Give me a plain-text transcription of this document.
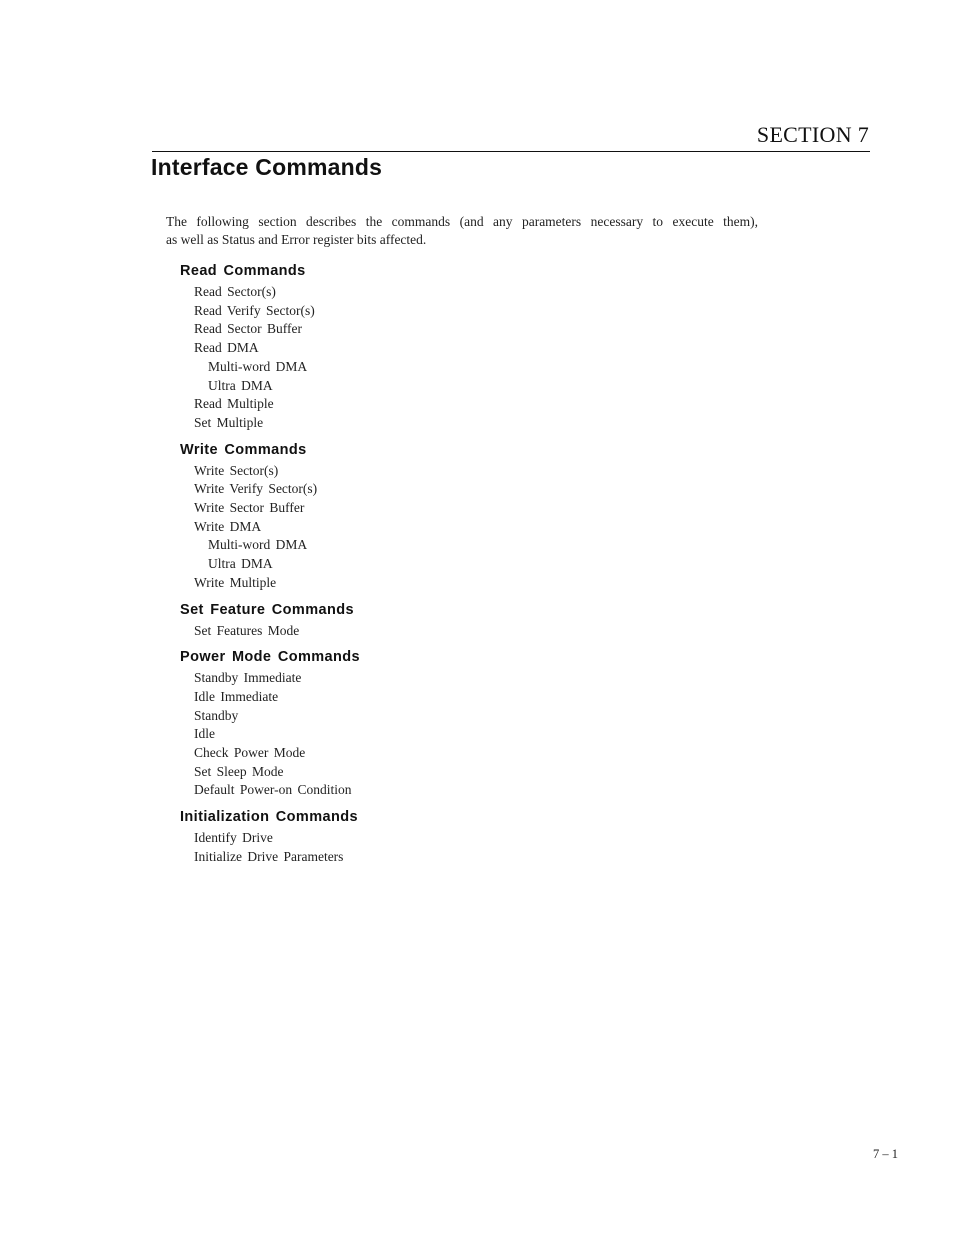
SECTION 7
Interface Commands

The following section describes the commands (and any parameters necessary to execute them),
as well as Status and Error register bits affected.

Read Commands
Read Sector(s)
Read Verify Sector(s)
Read Sector Buffer
Read DMA
Multi-word DMA
Ultra DMA
Read Multiple
Set Multiple
Write Commands
Write Sector(s)
Write Verify Sector(s)
Write Sector Buffer
Write DMA
Multi-word DMA
Ultra DMA
Write Multiple
Set Feature Commands
Set Features Mode
Power Mode Commands
Standby Immediate
Idle Immediate
Standby
Idle
Check Power Mode
Set Sleep Mode
Default Power-on Condition
Initialization Commands
Identify Drive
Initialize Drive Parameters
7 – 1
